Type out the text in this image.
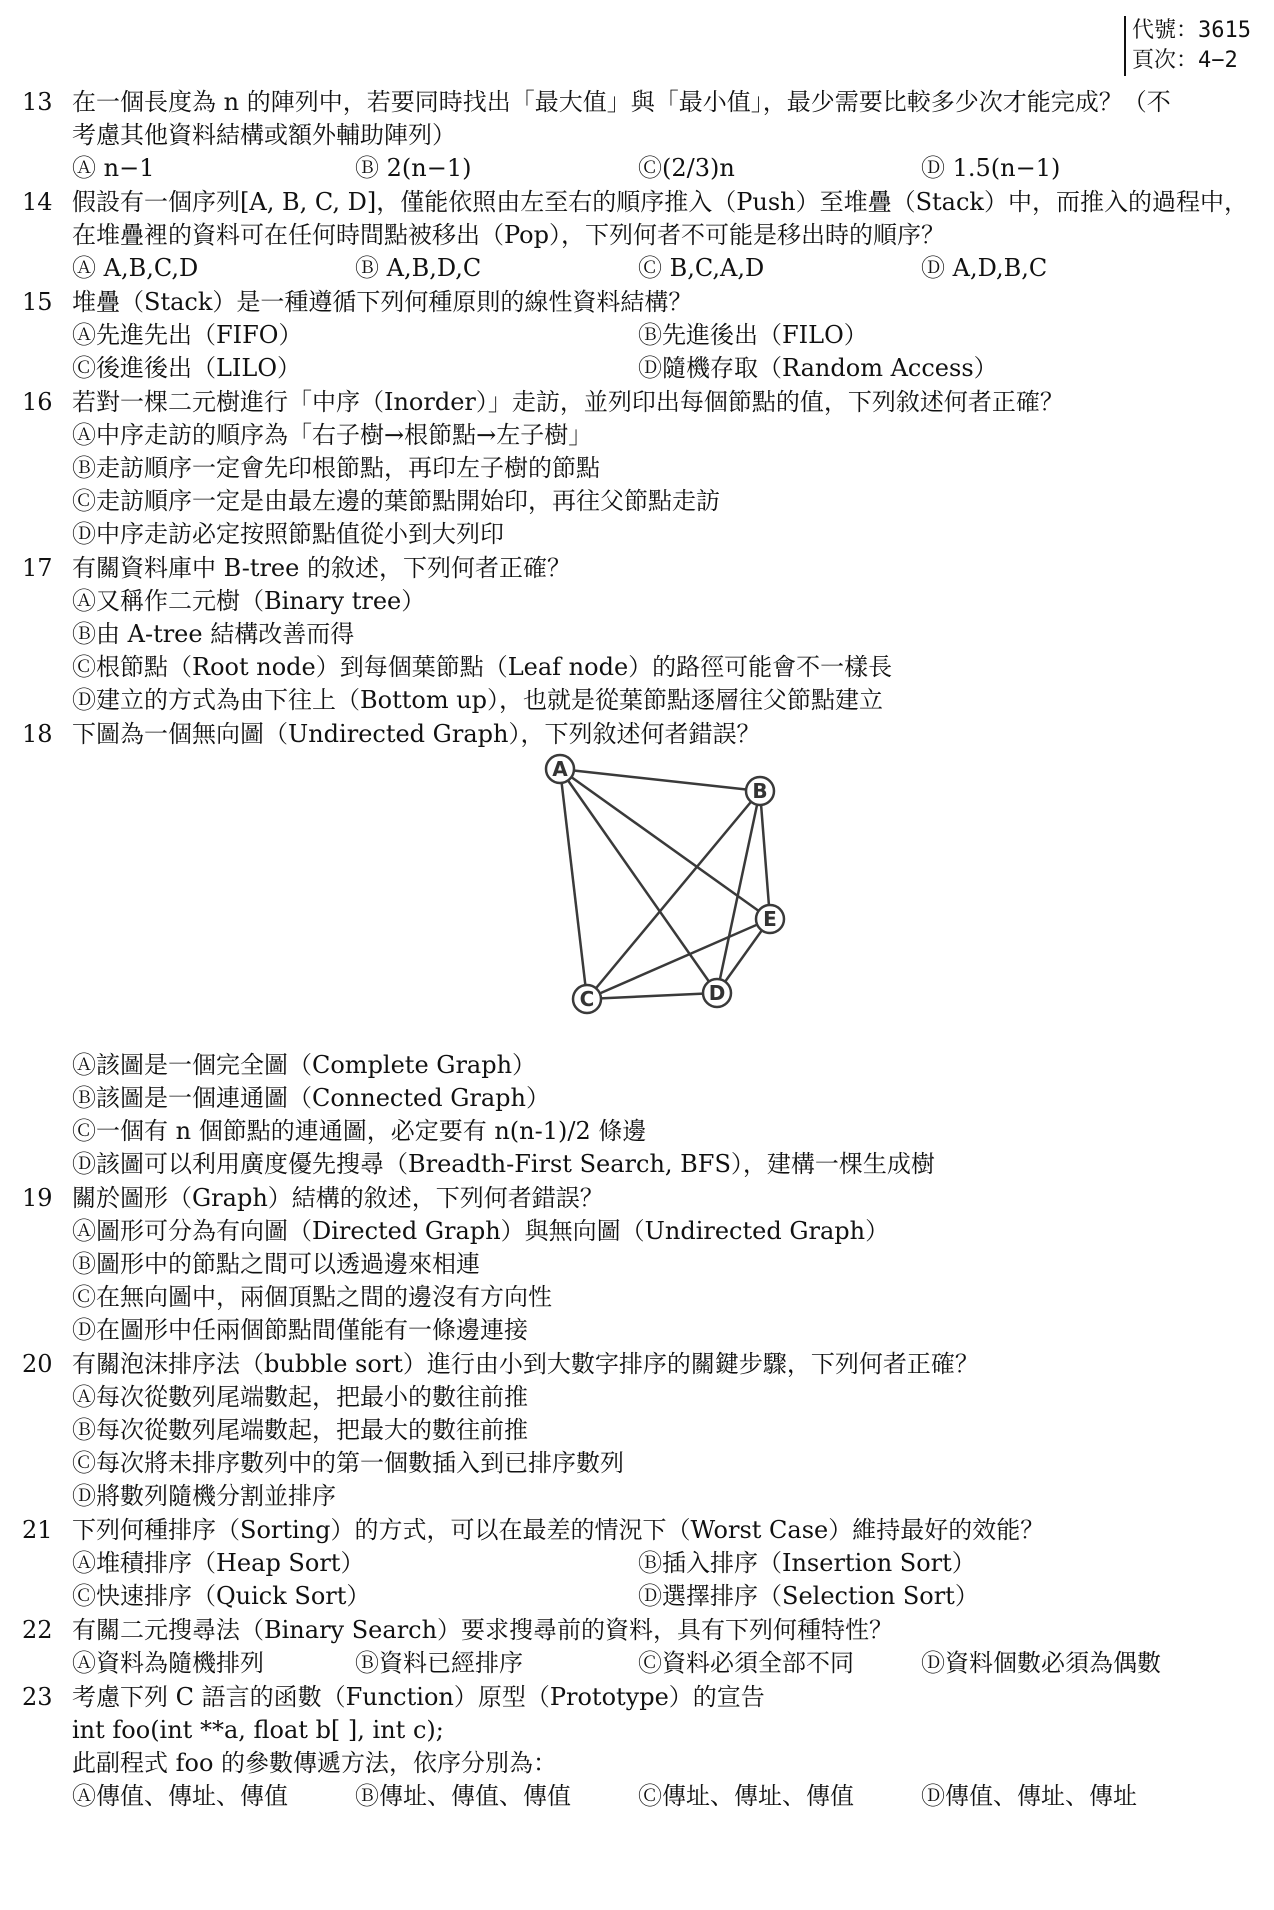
代號：3615
頁次：4−2
13 在一個長度為 n 的陣列中，若要同時找出「最大值」與「最小值」，最少需要比較多少次才能完成？（不
考慮其他資料結構或額外輔助陣列）
Ⓐ n−1	Ⓑ 2(n−1)	Ⓒ(2/3)n	Ⓓ 1.5(n−1)
14 假設有一個序列[A, B, C, D]，僅能依照由左至右的順序推入（Push）至堆疊（Stack）中，而推入的過程中，
在堆疊裡的資料可在任何時間點被移出（Pop），下列何者不可能是移出時的順序？
Ⓐ A,B,C,D	Ⓑ A,B,D,C	Ⓒ B,C,A,D	Ⓓ A,D,B,C
15 堆疊（Stack）是一種遵循下列何種原則的線性資料結構？
Ⓐ先進先出（FIFO）	Ⓑ先進後出（FILO）
Ⓒ後進後出（LILO）	Ⓓ隨機存取（Random Access）
16 若對一棵二元樹進行「中序（Inorder）」走訪，並列印出每個節點的值，下列敘述何者正確？
Ⓐ中序走訪的順序為「右子樹→根節點→左子樹」
Ⓑ走訪順序一定會先印根節點，再印左子樹的節點
Ⓒ走訪順序一定是由最左邊的葉節點開始印，再往父節點走訪
Ⓓ中序走訪必定按照節點值從小到大列印
17 有關資料庫中 B-tree 的敘述，下列何者正確？
Ⓐ又稱作二元樹（Binary tree）
Ⓑ由 A-tree 結構改善而得
Ⓒ根節點（Root node）到每個葉節點（Leaf node）的路徑可能會不一樣長
Ⓓ建立的方式為由下往上（Bottom up），也就是從葉節點逐層往父節點建立
18 下圖為一個無向圖（Undirected Graph），下列敘述何者錯誤？
A
B
E
C	D
Ⓐ該圖是一個完全圖（Complete Graph）
Ⓑ該圖是一個連通圖（Connected Graph）
Ⓒ一個有 n 個節點的連通圖，必定要有 n(n-1)/2 條邊
Ⓓ該圖可以利用廣度優先搜尋（Breadth-First Search, BFS），建構一棵生成樹
19 關於圖形（Graph）結構的敘述，下列何者錯誤？
Ⓐ圖形可分為有向圖（Directed Graph）與無向圖（Undirected Graph）
Ⓑ圖形中的節點之間可以透過邊來相連
Ⓒ在無向圖中，兩個頂點之間的邊沒有方向性
Ⓓ在圖形中任兩個節點間僅能有一條邊連接
20 有關泡沫排序法（bubble sort）進行由小到大數字排序的關鍵步驟，下列何者正確？
Ⓐ每次從數列尾端數起，把最小的數往前推
Ⓑ每次從數列尾端數起，把最大的數往前推
Ⓒ每次將未排序數列中的第一個數插入到已排序數列
Ⓓ將數列隨機分割並排序
21 下列何種排序（Sorting）的方式，可以在最差的情況下（Worst Case）維持最好的效能？
Ⓐ堆積排序（Heap Sort）	Ⓑ插入排序（Insertion Sort）
Ⓒ快速排序（Quick Sort）	Ⓓ選擇排序（Selection Sort）
22 有關二元搜尋法（Binary Search）要求搜尋前的資料，具有下列何種特性？
Ⓐ資料為隨機排列	Ⓑ資料已經排序	Ⓒ資料必須全部不同	Ⓓ資料個數必須為偶數
23 考慮下列 C 語言的函數（Function）原型（Prototype）的宣告
int foo(int **a, float b[ ], int c);
此副程式 foo 的參數傳遞方法，依序分別為：
Ⓐ傳值、傳址、傳值	Ⓑ傳址、傳值、傳值	Ⓒ傳址、傳址、傳值	Ⓓ傳值、傳址、傳址
